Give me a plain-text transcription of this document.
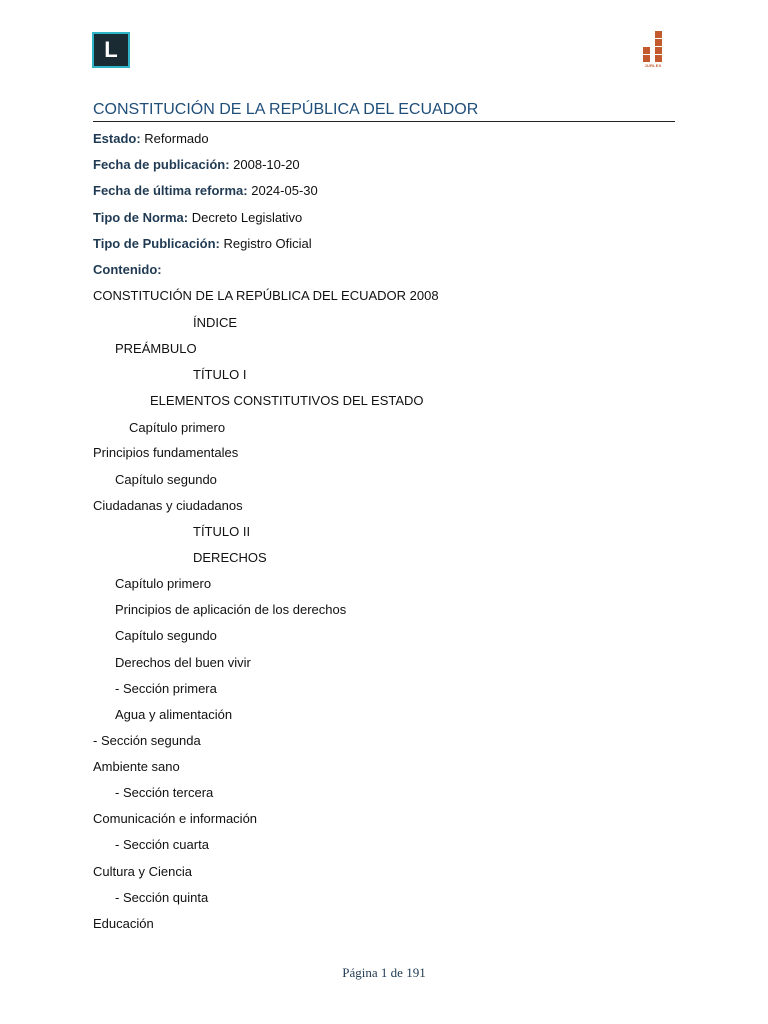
L
JURLEX
CONSTITUCIÓN DE LA REPÚBLICA DEL ECUADOR
Estado: Reformado
Fecha de publicación: 2008-10-20
Fecha de última reforma: 2024-05-30
Tipo de Norma: Decreto Legislativo
Tipo de Publicación: Registro Oficial
Contenido:
CONSTITUCIÓN DE LA REPÚBLICA DEL ECUADOR 2008
ÍNDICE
PREÁMBULO
TÍTULO I
ELEMENTOS CONSTITUTIVOS DEL ESTADO
Capítulo primero
Principios fundamentales
Capítulo segundo
Ciudadanas y ciudadanos
TÍTULO II
DERECHOS
Capítulo primero
Principios de aplicación de los derechos
Capítulo segundo
Derechos del buen vivir
- Sección primera
Agua y alimentación
- Sección segunda
Ambiente sano
- Sección tercera
Comunicación e información
- Sección cuarta
Cultura y Ciencia
- Sección quinta
Educación
Página 1 de 191
